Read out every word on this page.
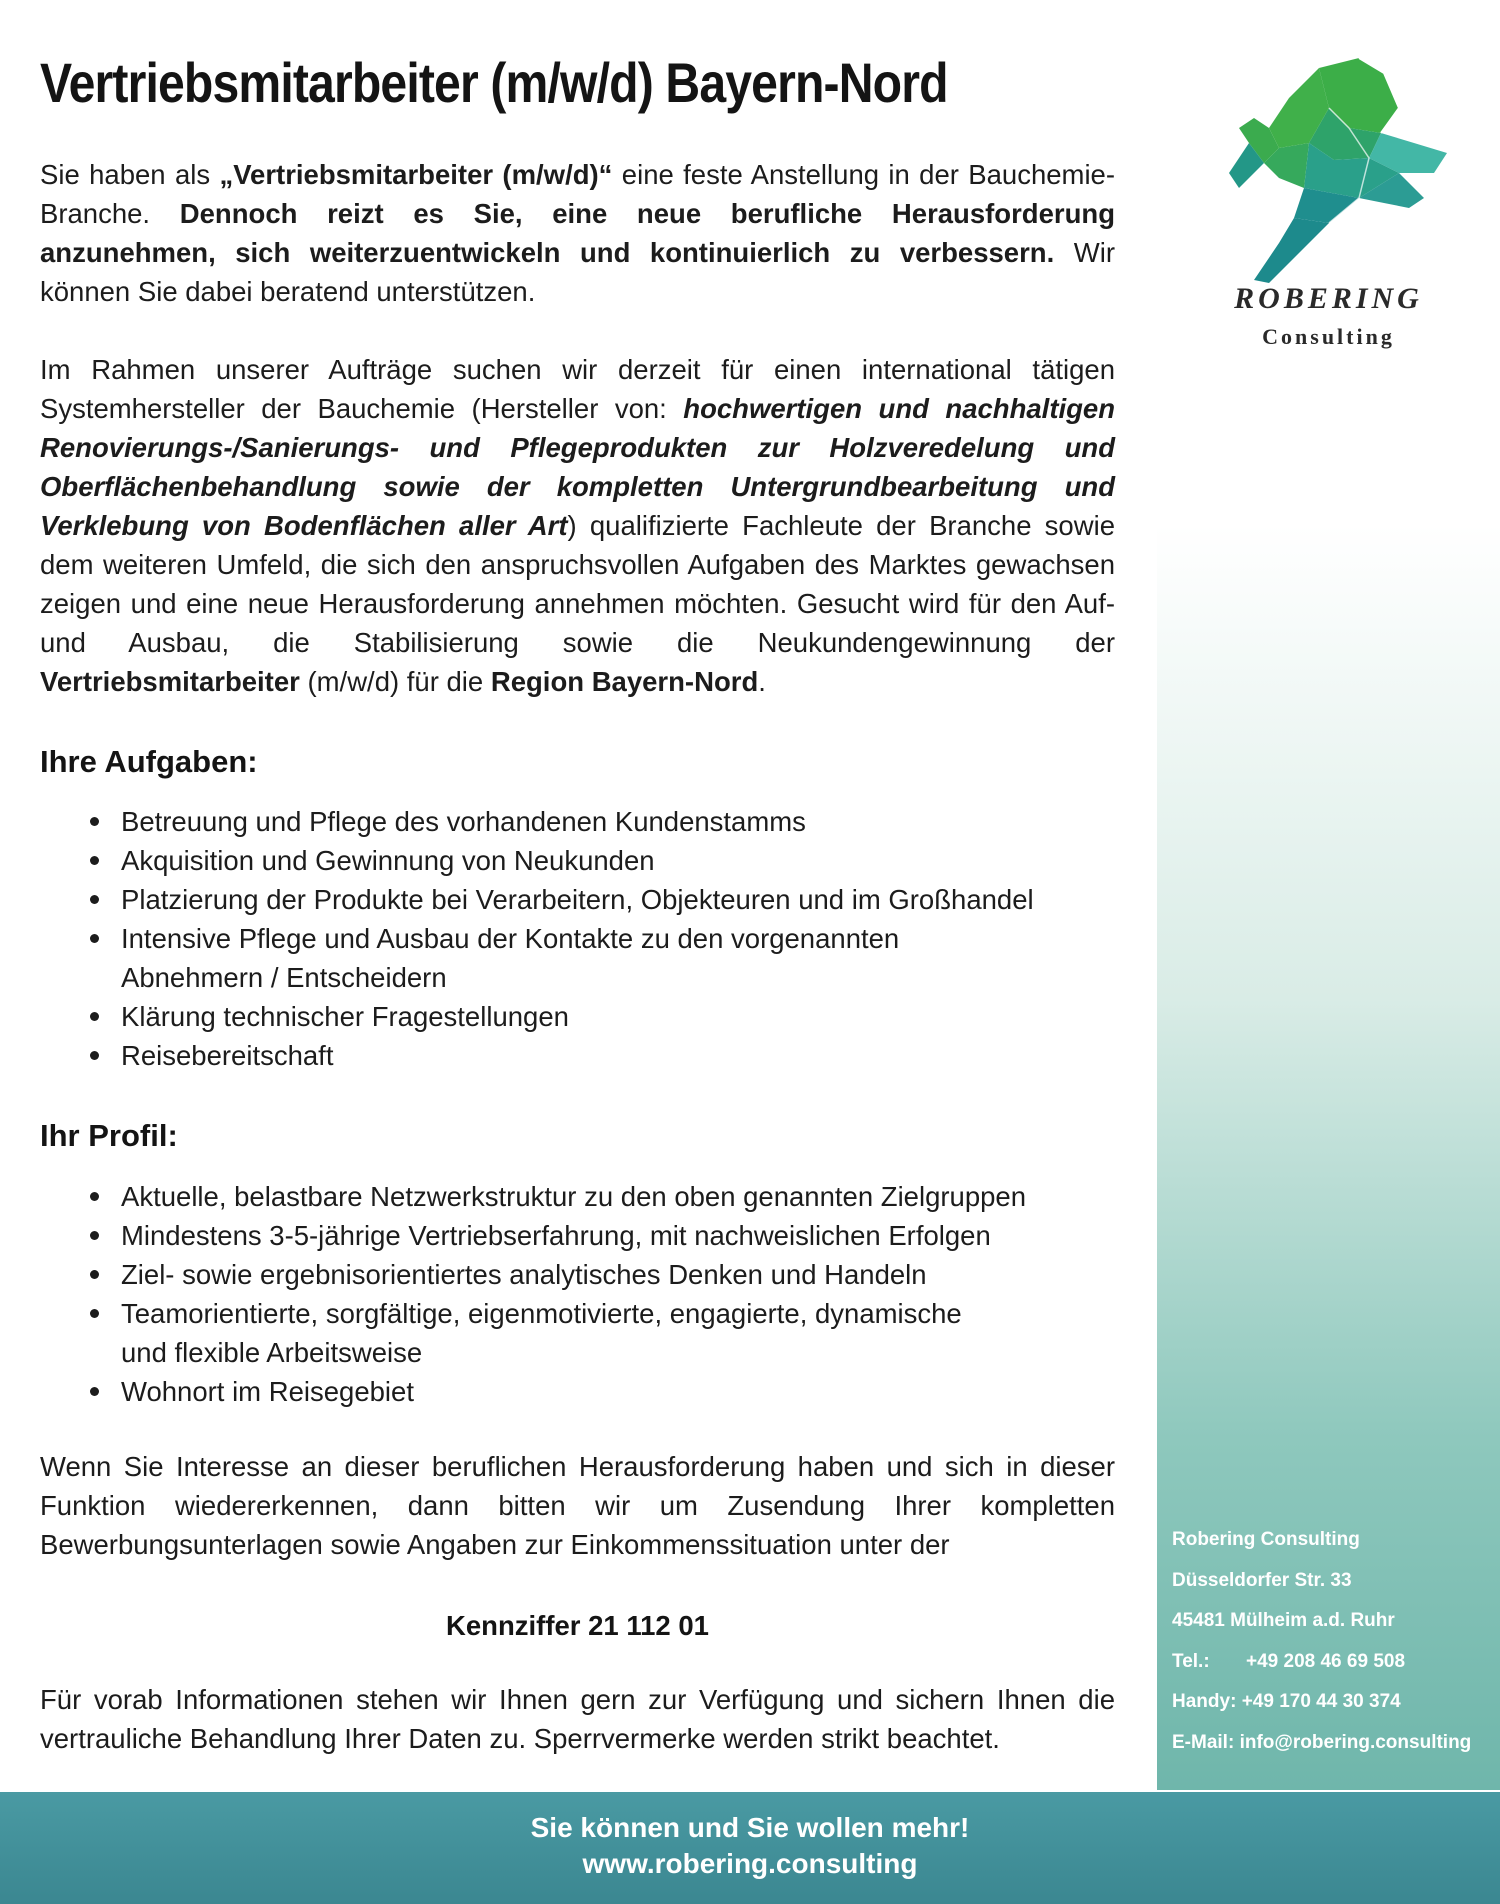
Vertriebsmitarbeiter (m/w/d) Bayern-Nord

Sie haben als „Vertriebsmitarbeiter (m/w/d)“ eine feste Anstellung in der Bauchemie-Branche. Dennoch reizt es Sie, eine neue berufliche Herausforderung anzunehmen, sich weiterzuentwickeln und kontinuierlich zu verbessern. Wir können Sie dabei beratend unterstützen.

Im Rahmen unserer Aufträge suchen wir derzeit für einen international tätigen Systemhersteller der Bauchemie (Hersteller von: hochwertigen und nachhaltigen Renovierungs-/Sanierungs- und Pflegeprodukten zur Holzveredelung und Oberflächenbehandlung sowie der kompletten Untergrundbearbeitung und Verklebung von Bodenflächen aller Art) qualifizierte Fachleute der Branche sowie dem weiteren Umfeld, die sich den anspruchsvollen Aufgaben des Marktes gewachsen zeigen und eine neue Herausforderung annehmen möchten. Gesucht wird für den Auf- und Ausbau, die Stabilisierung sowie die Neukundengewinnung der Vertriebsmitarbeiter (m/w/d) für die Region Bayern-Nord.

Ihre Aufgaben:
Betreuung und Pflege des vorhandenen Kundenstamms
Akquisition und Gewinnung von Neukunden
Platzierung der Produkte bei Verarbeitern, Objekteuren und im Großhandel
Intensive Pflege und Ausbau der Kontakte zu den vorgenannten Abnehmern / Entscheidern
Klärung technischer Fragestellungen
Reisebereitschaft
Ihr Profil:
Aktuelle, belastbare Netzwerkstruktur zu den oben genannten Zielgruppen
Mindestens 3-5-jährige Vertriebserfahrung, mit nachweislichen Erfolgen
Ziel- sowie ergebnisorientiertes analytisches Denken und Handeln
Teamorientierte, sorgfältige, eigenmotivierte, engagierte, dynamische und flexible Arbeitsweise
Wohnort im Reisegebiet

Wenn Sie Interesse an dieser beruflichen Herausforderung haben und sich in dieser Funktion wiedererkennen, dann bitten wir um Zusendung Ihrer kompletten Bewerbungsunterlagen sowie Angaben zur Einkommenssituation unter der

Kennziffer 21 112 01

Für vorab Informationen stehen wir Ihnen gern zur Verfügung und sichern Ihnen die vertrauliche Behandlung Ihrer Daten zu. Sperrvermerke werden strikt beachtet.

ROBERING
Consulting
Robering Consulting
Düsseldorfer Str. 33
45481 Mülheim a.d. Ruhr
Tel.: +49 208 46 69 508
Handy: +49 170 44 30 374
E-Mail: info@robering.consulting
Sie können und Sie wollen mehr!
www.robering.consulting
